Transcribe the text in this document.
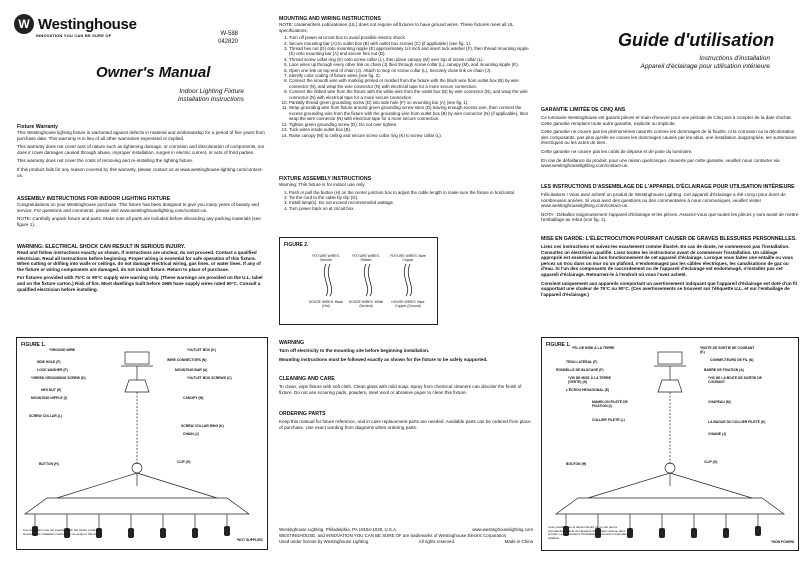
W Westinghouse
INNOVATION YOU CAN BE SURE OF	W-588
042820
Owner's Manual
Indoor Lighting Fixture
Installation Instructions

Fixture Warranty

This Westinghouse lighting fixture is warranted against defects in material and workmanship for a period of five years from purchase date. This warranty is in lieu of all other warranties expressed or implied.

This warranty does not cover acts of nature such as lightening damage, or corrosion and discoloration of components, nor does it cover damages caused through abuse, improper installation, surges in electric current, or acts of third parties.

This warranty does not cover the costs of removing and re-installing the lighting fixture.

If this product fails for any reason covered by this warranty, please contact us at www.westinghouse-lighting.com/contact-us.

ASSEMBLY INSTRUCTIONS FOR INDOOR LIGHTING FIXTURE

Congratulations on your Westinghouse purchase. This fixture has been designed to give you many years of beauty and service. For questions and comments, please visit www.westinghouselighting.com/contact-us.

NOTE: Carefully unpack fixture and parts. Make sure all parts are included before discarding any packing materials (see figure 1).

WARNING: ELECTRICAL SHOCK CAN RESULT IN SERIOUS INJURY.

Read and follow instructions exactly as shown. If instructions are unclear, do not proceed. Contact a qualified electrician. Read all instructions before beginning. Proper wiring is essential for safe operation of this fixture. When cutting or drilling into walls or ceilings, do not damage electrical wiring, gas lines, or water lines. If any of the fixture or wiring components are damaged, do not install fixture. Return to place of purchase.

For fixtures provided with 75°C or 90°C supply wire warning only. (These warnings are provided on the U.L. label and on the fixture carton.) Risk of fire. Most dwellings built before 1985 have supply wires rated 60°C. Consult a qualified electrician before installing.

FIGURE 1.
*GROUND WIRE
SIDE HOLE (F)
LOCK WASHER (F)
*GREEN GROUNDING SCREW (D)
HEX NUT (E)
MOUNTING NIPPLE (I)
SCREW COLLAR (L)
BUTTON (H)
*OUTLET BOX (K)
WIRE CONNECTORS (N)
MOUNTING BAR (A)
*OUTLET BOX SCREWS (C)
CANOPY (M)
SCREW COLLAR RING (K)
CHAIN (J)
CLIP (G)
Line art shown may not exactly match the fixture enclosed. However, the installation instructions do apply to this fixture.
*NOT SUPPLIED

MOUNTING AND WIRING INSTRUCTIONS

NOTE: Underwriters Laboratories (UL) does not require all fixtures to have ground wires. These fixtures meet all UL specifications.

1. Turn off power at circuit box to avoid possible electric shock.
2. Secure mounting bar (A) to outlet box (B) with outlet box screws (C) (if applicable) (see fig. 1).
3. Thread hex nut (D) onto mounting nipple (E) approximately 1/4 inch and insert lock washer (F), then thread mounting nipple (E) onto mounting bar (A) and secure hex nut (D).
4. Thread screw collar ring (K) onto screw collar (L), then place canopy (M) over top of screw collar (L).
5. Lace wires up through every other link on chain (J) then through screw collar (L), canopy (M), and mounting nipple (E).
6. Open one link on top end of chain (J). Attach to loop on screw collar (L). Securely close link on chain (J).
7. Identify color coding of fixture wires (see fig. 2).
8. Connect the smooth wire with marking printed or molded from the fixture with the black wire from outlet box (B) by wire connector (N), and wrap the wire connector (N) with electrical tape for a more secure connection.
9. Connect the ribbed wire from the fixture with the white wire from the outlet box (B) by wire connector (N), and wrap the wire connector (N) with electrical tape for a more secure connection.
10. Partially thread green grounding screw (D) into side hole (F) on mounting bar (A) (see fig. 1).
11. Wrap grounding wire from fixture around green grounding screw stem (D) leaving enough excess wire, then connect the excess grounding wire from the fixture with the grounding wire from outlet box (B) by wire connector (N) (if applicable), then wrap the wire connector (N) with electrical tape for a more secure connection.
12. Tighten green grounding screw (D). Do not over tighten.
13. Tuck wires inside outlet box (B).
14. Raise canopy (M) to ceiling and secure screw collar ring (K) to screw collar (L).

FIXTURE ASSEMBLY INSTRUCTIONS

Warning: This fixture is for indoor use only.

1. Push or pull the button (H) on the center junction box to adjust the cable length to make sure the fixture in horizontal.
2. Tie the cord to the cable by clip (G).
3. Install lamp(s). Do not exceed recommended wattage.
4. Turn power back on at circuit box.
FIGURE 2.
FIXTURE WIRES: Smooth
FIXTURE WIRES: Ribbed
FIXTURE WIRES: Bare Copper
HOUSE WIRES: Black (Hot)
HOUSE WIRES: White (Neutral)
HOUSE WIRES: Bare Copper (Ground)

WARNING

Turn off electricity to the mounting site before beginning installation.

Mounting instructions must be followed exactly as shown for the fixture to be safely supported.

CLEANING AND CARE

To clean, wipe fixture with soft cloth. Clean glass with mild soap. Spray from chemical cleaners can discolor the finish of fixture. Do not use scouring pads, powders, steel wool or abrasive paper to clean this fixture.

ORDERING PARTS

Keep this manual for future reference, and in case replacement parts are needed. Available parts can be ordered from place of purchase. Use exact wording from diagrams when ordering parts.

Westinghouse Lighting, Philadelphia, PA 19154-1029, U.S.A.	www.westinghouselighting.com
WESTINGHOUSE, and INNOVATION YOU CAN BE SURE OF are trademarks of Westinghouse Electric Corporation.
Used under license by Westinghouse Lighting.	All rights reserved.	Made in China
Guide d'utilisation
Instructions d'installation
Appareil d'éclairage pour utilisation intérieure

GARANTIE LIMITÉE DE CINQ ANS

Ce luminaire Westinghouse est garanti pièces et main-d'oeuvre pour une période de Cinq ans à compter de la date d'achat. Cette garantie remplace toute autre garantie, explicite ou implicite.

Cette garantie ne couvre pas les phénomènes naturels comme les dommages de la foudre, ni la corrosion ou la décoloration des composants, pas plus qu'elle ne couvre les dommages causés par les abus, une installation inappropriée, les surtensions électriques ou les actes de tiers.

Cette garantie ne couvre pas les coûts de dépose et de pose du luminaire.

En cas de défaillance du produit, pour une raison quelconque, couverte par cette garantie, veuillez nous contacter via www.westinghouselighting.com/contact-us.

LES INSTRUCTIONS D'ASSEMBLAGE DE L'APPAREIL D'ÉCLAIRAGE POUR UTILISATION INTÉRIEURE

Félicitations ! Vous avez acheté un produit de Westinghouse Lighting. Cet appareil d'éclairage a été conçu pour durer de nombreuses années. Si vous avez des questions ou des commentaires à nous communiquer, veuillez visiter www.westinghouselighting.com/contact-us.

NOTA : Déballez soigneusement l'appareil d'éclairage et les pièces. Assurez-vous que toutes les pièces y sont avant de mettre l'emballage au rebut (voir fig. 1).

MISE EN GARDE: L'ÉLECTROCUTION POURRAIT CAUSER DE GRAVES BLESSURES PERSONNELLES.

Lisez ces instructions et suivez-les exactement comme illustré. En cas de doute, ne commencez pas l'installation. Consultez un électricien qualifié. Lisez toutes les instructions avant de commencer l'installation. Un câblage approprié est essentiel au bon fonctionnement de cet appareil d'éclairage. Lorsque vous faites une entaille ou vous percez un trou dans un mur ou un plafond, n'endommagez pas les câbles électriques, les canalisations de gaz ou d'eau. Si l'un des composants de raccordement ou de l'appareil d'éclairage est endommagé, n'installez pas cet appareil d'éclairage. Retournez-le à l'endroit où vous l'avez acheté.

Convient uniquement aux appareils comportant un avertissement indiquant que l'appareil d'éclairage est doté d'un fil supportant une chaleur de 75°C ou 90°C. (Ces avertissements se trouvent sur l'étiquette U.L. et sur l'emballage de l'appareil d'éclairage.)

FIGURE 1. *FIL DE MISE À LA TERRE
TROU LATÉRAL (F)
RONDELLE DE BLOCAGE (F)
*VIS DE MISE À LA TERRE (VERTE) (D)
L'ÉCROU HEXAGONAL (E)
MAMELON FILETÉ DE FIXATION (I)
COLLIER FILETÉ (L)
BOUTON (H)
*BOITE DE SORTIE DE COURANT (K)
CONNECTEURS DE FIL (N)
BARRE DE FIXATION (A)
*VIS DE LA BOITE DE SORTIE DE COURANT
CHAPEAU (M)
LA BAGUE DU COLLIER FILETÉ (K)
CHAINE (J)
CLIP (G)
Il est possible que le dessin illustré ne ne soit pas la reproduction exacte de l'appareil d'éclairage contenu dans la boîte. Les instructions d'installation demeurent cependant valables.
*NON FOURNI
